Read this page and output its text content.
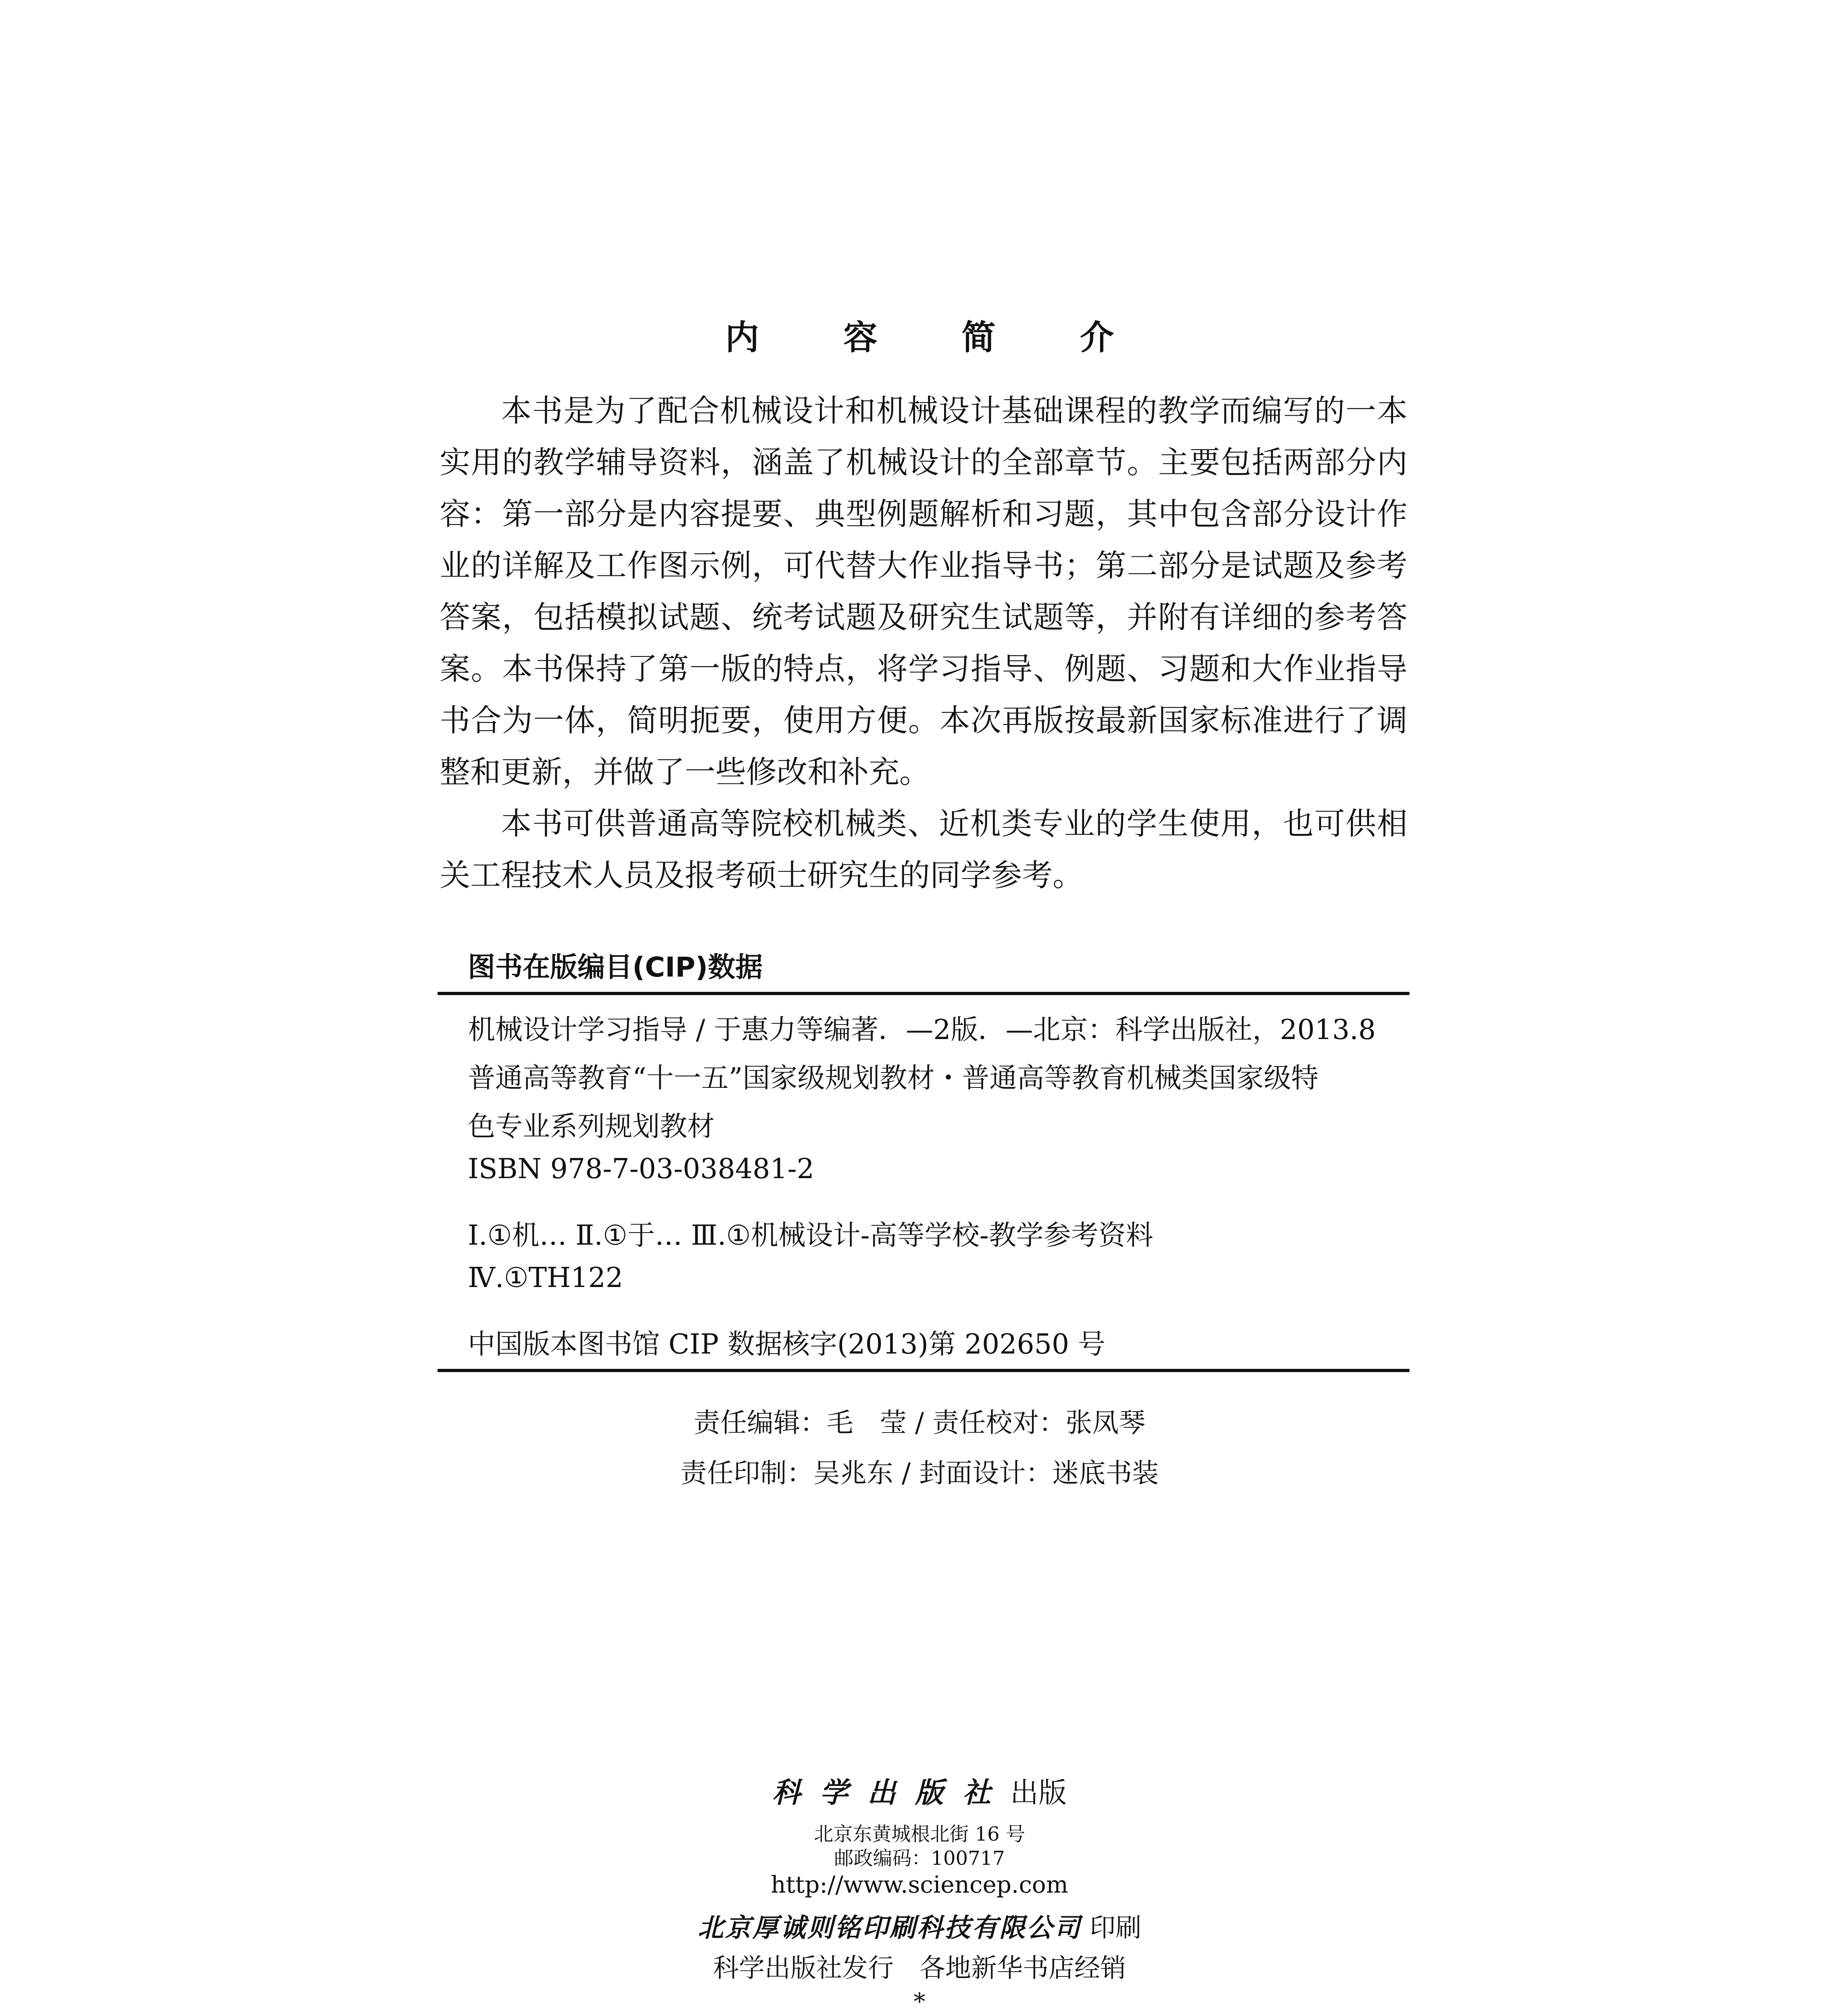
内 容 简 介

本书是为了配合机械设计和机械设计基础课程的教学而编写的一本实用的教学辅导资料，涵盖了机械设计的全部章节。主要包括两部分内容：第一部分是内容提要、典型例题解析和习题，其中包含部分设计作业的详解及工作图示例，可代替大作业指导书；第二部分是试题及参考答案，包括模拟试题、统考试题及研究生试题等，并附有详细的参考答案。本书保持了第一版的特点，将学习指导、例题、习题和大作业指导书合为一体，简明扼要，使用方便。本次再版按最新国家标准进行了调整和更新，并做了一些修改和补充。

本书可供普通高等院校机械类、近机类专业的学生使用，也可供相关工程技术人员及报考硕士研究生的同学参考。

图书在版编目(CIP)数据
机械设计学习指导 / 于惠力等编著．—2版．—北京：科学出版社，2013.8
普通高等教育“十一五”国家级规划教材・普通高等教育机械类国家级特
色专业系列规划教材
ISBN 978-7-03-038481-2
Ⅰ.①机… Ⅱ.①于… Ⅲ.①机械设计-高等学校-教学参考资料
Ⅳ.①TH122
中国版本图书馆 CIP 数据核字(2013)第 202650 号
责任编辑：毛　莹 / 责任校对：张凤琴
责任印制：吴兆东 / 封面设计：迷底书装
科学出版社出版
北京东黄城根北街 16 号
邮政编码：100717
http://www.sciencep.com
北京厚诚则铭印刷科技有限公司 印刷
科学出版社发行　各地新华书店经销
*
